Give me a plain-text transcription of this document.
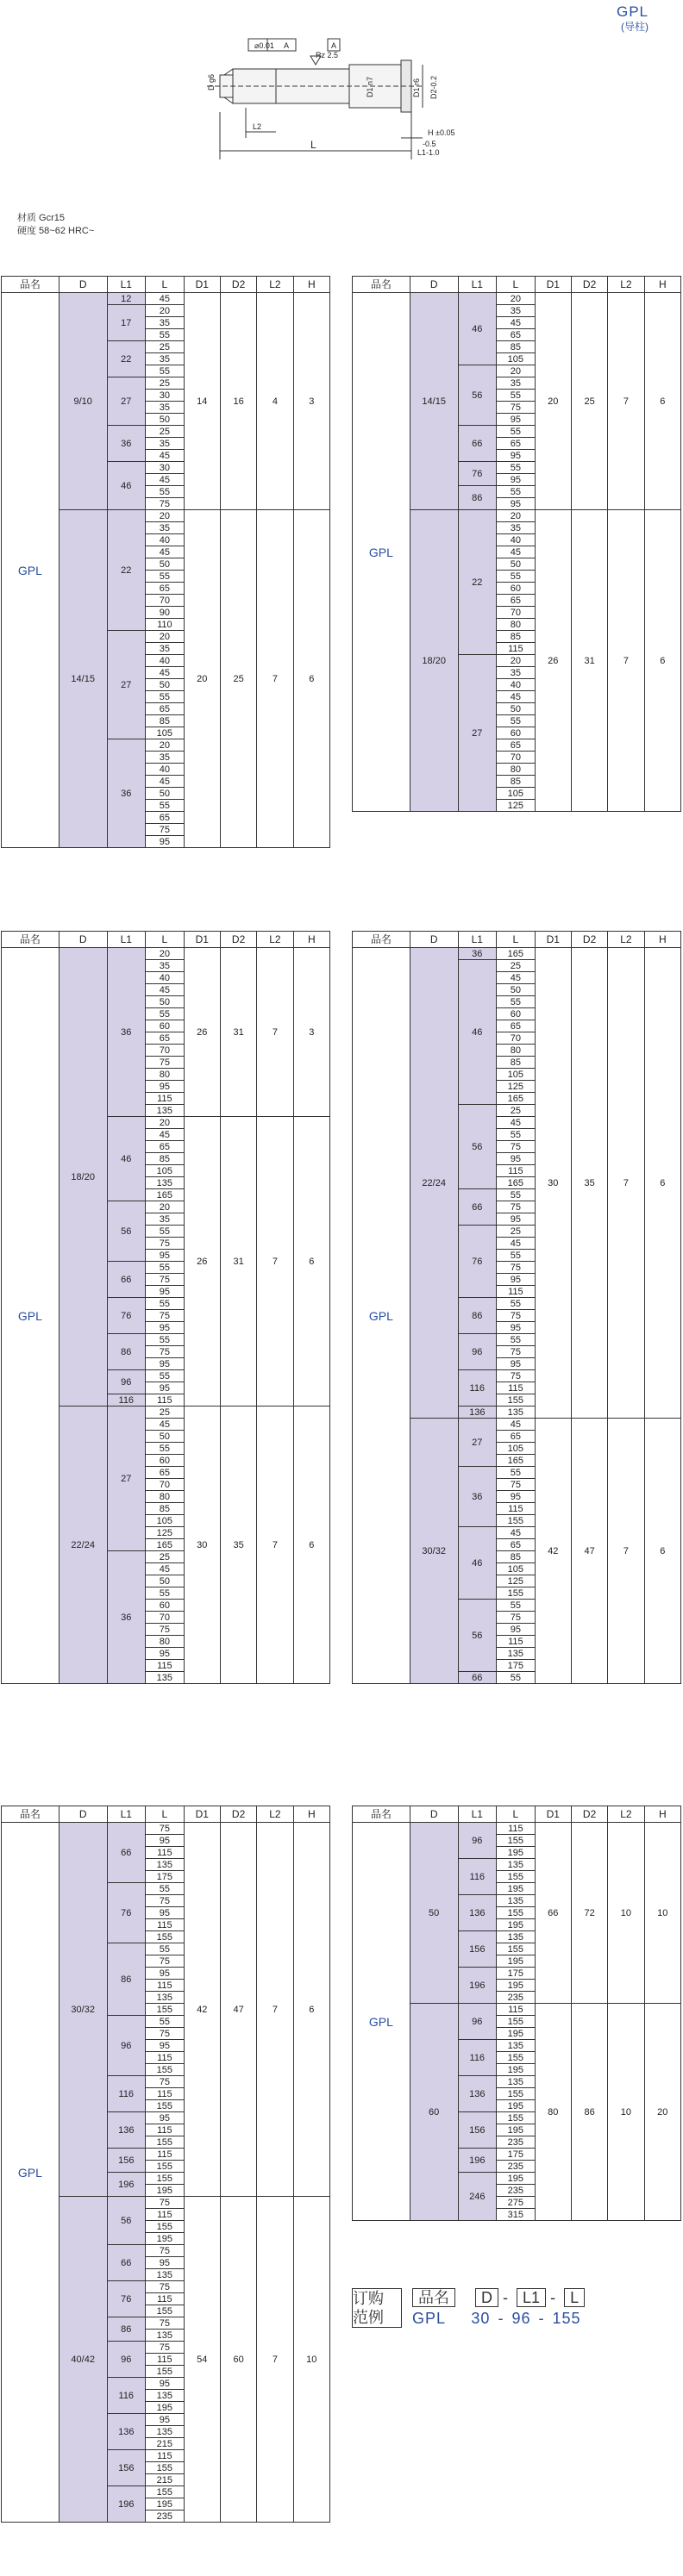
GPL
(导柱)
⌀0.01 A	A
Rz 2.5
D g6	D1 n7	D1 r6 D2-0.2
L
L2
L1-1.0
-0.5
H ±0.05
材质 Gcr15
硬度 58~62 HRC~
品名	D	L1	L	D1	D2	L2	H
GPL	9/10	12	45	14	16	4	3
		17	20				
			35				
			55				
		22	25				
			35				
			55				
		27	25				
			30				
			35				
			50				
		36	25				
			35				
			45				
		46	30				
			45				
			55				
			75				
	14/15	22	20	20	25	7	6
			35				
			40				
			45				
			50				
			55				
			65				
			70				
			90				
			110				
		27	20				
			35				
			40				
			45				
			50				
			55				
			65				
			85				
			105				
		36	20				
			35				
			40				
			45				
			50				
			55				
			65				
			75				
			95				
品名	D	L1	L	D1	D2	L2	H
GPL	14/15	46	20	20	25	7	6
			35				
			45				
			65				
			85				
			105				
		56	20				
			35				
			55				
			75				
			95				
		66	55				
			65				
			95				
		76	55				
			95				
		86	55				
			95				
	18/20	22	20	26	31	7	6
			35				
			40				
			45				
			50				
			55				
			60				
			65				
			70				
			80				
			85				
			115				
		27	20				
			35				
			40				
			45				
			50				
			55				
			60				
			65				
			70				
			80				
			85				
			105				
			125				
品名	D	L1	L	D1	D2	L2	H
GPL	18/20	36	20	26	31	7	3
			35				
			40				
			45				
			50				
			55				
			60				
			65				
			70				
			75				
			80				
			95				
			115				
			135				
		46	20	26	31	7	6
			45				
			65				
			85				
			105				
			135				
			165				
		56	20				
			35				
			55				
			75				
			95				
		66	55				
			75				
			95				
		76	55				
			75				
			95				
		86	55				
			75				
			95				
		96	55				
			95				
		116	115				
	22/24	27	25	30	35	7	6
			45				
			50				
			55				
			60				
			65				
			70				
			80				
			85				
			105				
			125				
			165				
		36	25				
			45				
			50				
			55				
			60				
			70				
			75				
			80				
			95				
			115				
			135				
品名	D	L1	L	D1	D2	L2	H
GPL	22/24	36	165	30	35	7	6
		46	25				
			45				
			50				
			55				
			60				
			65				
			70				
			80				
			85				
			105				
			125				
			165				
		56	25				
			45				
			55				
			75				
			95				
			115				
			165				
		66	55				
			75				
			95				
		76	25				
			45				
			55				
			75				
			95				
			115				
		86	55				
			75				
			95				
		96	55				
			75				
			95				
		116	75				
			115				
			155				
		136	135				
	30/32	27	45	42	47	7	6
			65				
			105				
			165				
		36	55				
			75				
			95				
			115				
			155				
		46	45				
			65				
			85				
			105				
			125				
			155				
		56	55				
			75				
			95				
			115				
			135				
			175				
		66	55				
品名	D	L1	L	D1	D2	L2	H
GPL	30/32	66	75	42	47	7	6
			95				
			115				
			135				
			175				
		76	55				
			75				
			95				
			115				
			155				
		86	55				
			75				
			95				
			115				
			135				
			155				
		96	55				
			75				
			95				
			115				
			155				
		116	75				
			115				
			155				
		136	95				
			115				
			155				
		156	115				
			155				
		196	155				
			195				
	40/42	56	75	54	60	7	10
			115				
			155				
			195				
		66	75				
			95				
			135				
		76	75				
			115				
			155				
		86	75				
			135				
		96	75				
			115				
			155				
		116	95				
			135				
			195				
		136	95				
			135				
			215				
		156	115				
			155				
			215				
		196	155				
			195				
			235				
品名	D	L1	L	D1	D2	L2	H
GPL	50	96	115	66	72	10	10
			155				
			195				
		116	135				
			155				
			195				
		136	135				
			155				
			195				
		156	135				
			155				
			195				
		196	175				
			195				
			235				
	60	96	115	80	86	10	20
			155				
			195				
		116	135				
			155				
			195				
		136	135				
			155				
			195				
		156	155				
			195				
			235				
		196	175				
			235				
		246	195				
			235				
			275				
			315				
订购
范例
品名 D - L1 - L
GPL 30 - 96 - 155
